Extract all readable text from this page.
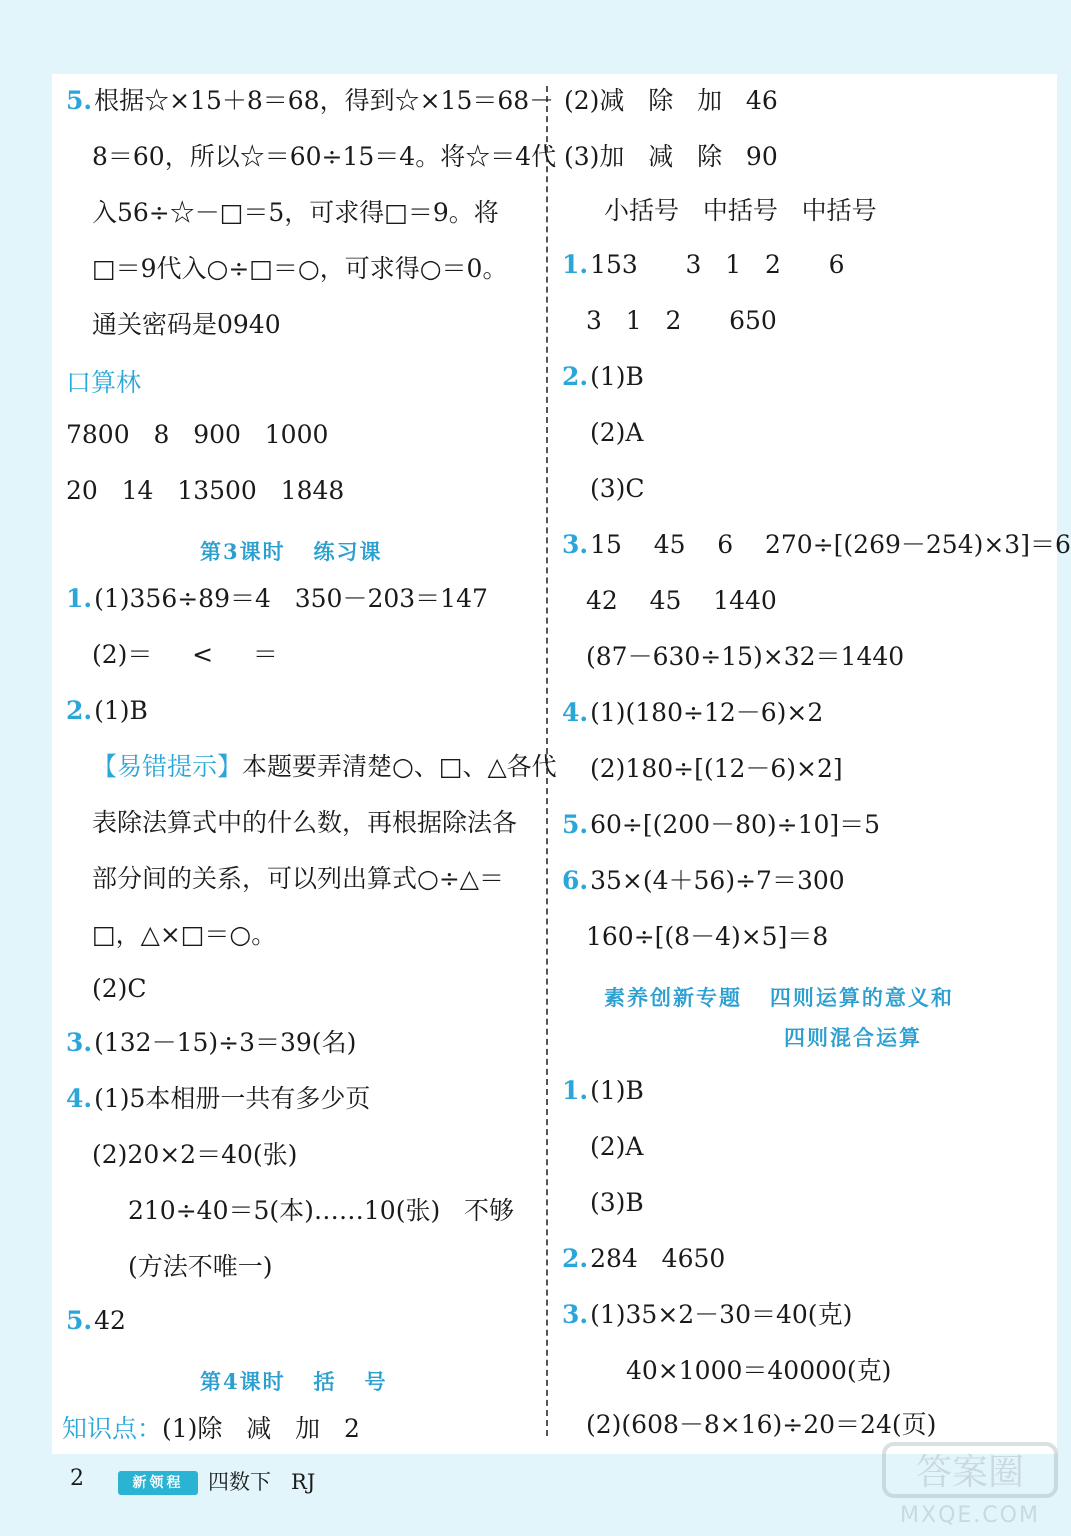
5.根据☆×15＋8＝68，得到☆×15＝68－
8＝60，所以☆＝60÷15＝4。将☆＝4代
入56÷☆－□＝5，可求得□＝9。将
□＝9代入○÷□＝○，可求得○＝0。
通关密码是0940
口算林
7800   8   900   1000
20   14   13500   1848
第3课时   练习课
1.(1)356÷89＝4   350－203＝147
(2)＝     <     ＝
2.(1)B
【易错提示】本题要弄清楚○、□、△各代
表除法算式中的什么数，再根据除法各
部分间的关系，可以列出算式○÷△＝
□，△×□＝○。
(2)C
3.(132－15)÷3＝39(名)
4.(1)5本相册一共有多少页
(2)20×2＝40(张)
210÷40＝5(本)……10(张)   不够
(方法不唯一)
5.42
第4课时   括   号
知识点：(1)除   减   加   2
(2)减   除   加   46
(3)加   减   除   90
小括号   中括号   中括号
1.153      3   1   2      6
3   1   2      650
2.(1)B
(2)A
(3)C
3.15    45    6    270÷[(269－254)×3]＝6
42    45    1440
(87－630÷15)×32＝1440
4.(1)(180÷12－6)×2
(2)180÷[(12－6)×2]
5.60÷[(200－80)÷10]＝5
6.35×(4＋56)÷7＝300
160÷[(8－4)×5]＝8
素养创新专题   四则运算的意义和
四则混合运算
1.(1)B
(2)A
(3)B
2.284   4650
3.(1)35×2－30＝40(克)
40×1000＝40000(克)
(2)(608－8×16)÷20＝24(页)
2	新领程	四数下   RJ	答案圈
MXQE.COM
